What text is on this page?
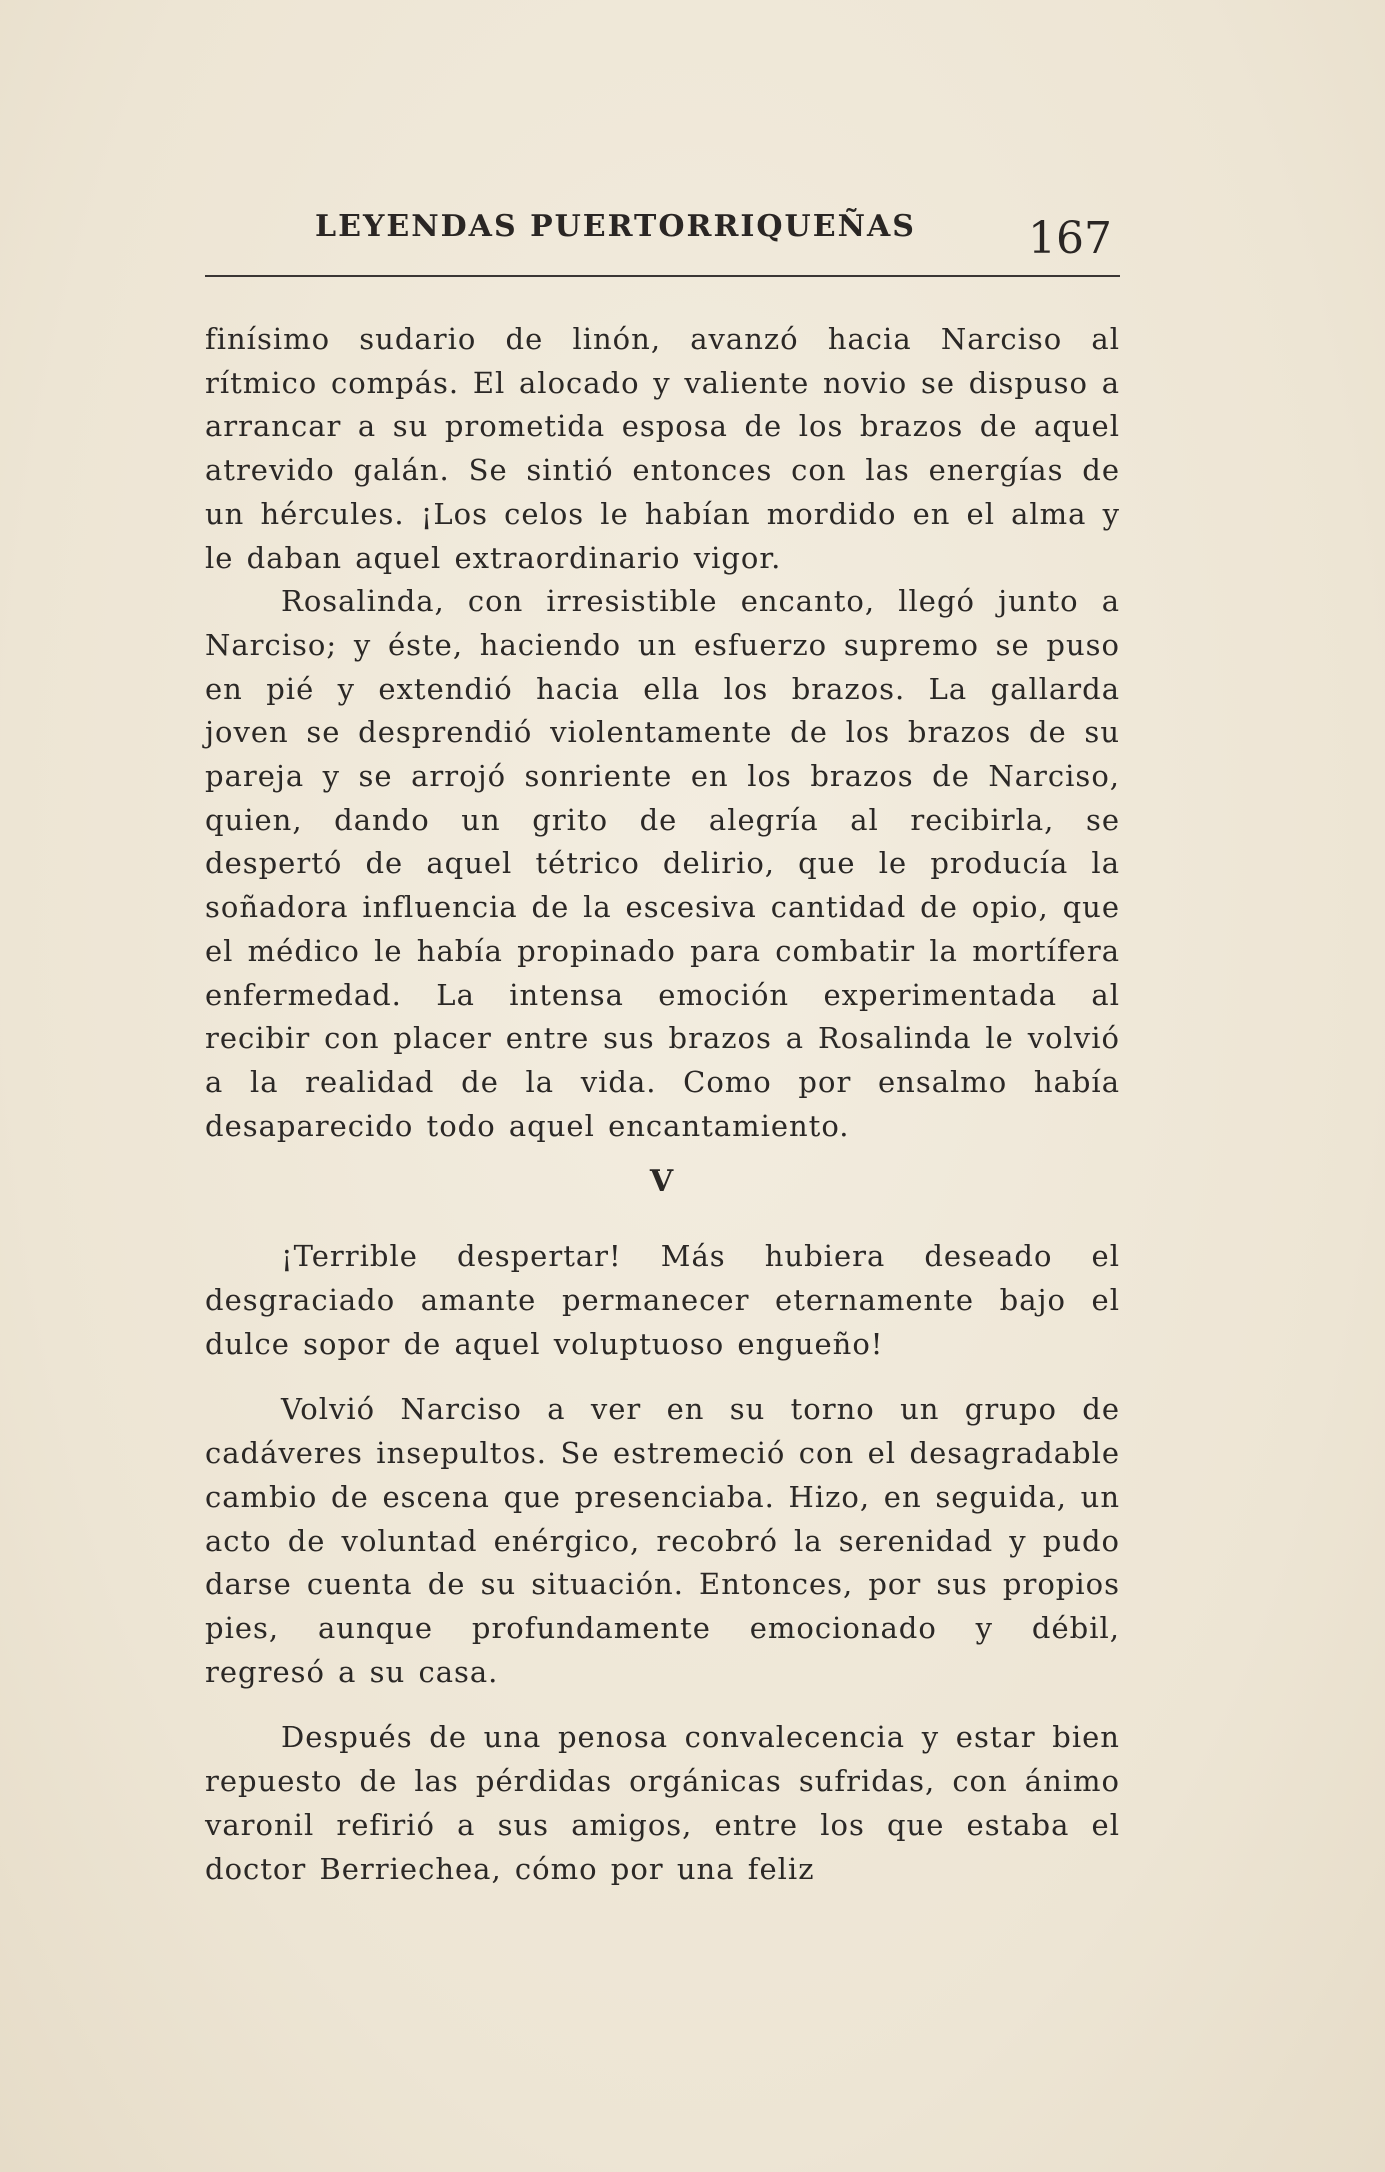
LEYENDAS PUERTORRIQUEÑAS	167

finísimo sudario de linón, avanzó hacia Narciso al rítmico compás. El alocado y valiente novio se dispuso a arrancar a su prometida esposa de los brazos de aquel atrevido galán. Se sintió entonces con las energías de un hércules. ¡Los celos le habían mordido en el alma y le daban aquel extraordinario vigor.

Rosalinda, con irresistible encanto, llegó junto a Narciso; y éste, haciendo un esfuerzo supremo se puso en pié y extendió hacia ella los brazos. La gallarda joven se desprendió violentamente de los brazos de su pareja y se arrojó sonriente en los brazos de Narciso, quien, dando un grito de alegría al recibirla, se despertó de aquel tétrico delirio, que le producía la soñadora influencia de la escesiva cantidad de opio, que el médico le había propinado para combatir la mortífera enfermedad. La intensa emoción experimentada al recibir con placer entre sus brazos a Rosalinda le volvió a la realidad de la vida. Como por ensalmo había desaparecido todo aquel encantamiento.

V

¡Terrible despertar! Más hubiera deseado el desgraciado amante permanecer eternamente bajo el dulce sopor de aquel voluptuoso engueño!

Volvió Narciso a ver en su torno un grupo de cadáveres insepultos. Se estremeció con el desagradable cambio de escena que presenciaba. Hizo, en seguida, un acto de voluntad enérgico, recobró la serenidad y pudo darse cuenta de su situación. Entonces, por sus propios pies, aunque profundamente emocionado y débil, regresó a su casa.

Después de una penosa convalecencia y estar bien repuesto de las pérdidas orgánicas sufridas, con ánimo varonil refirió a sus amigos, entre los que estaba el doctor Berriechea, cómo por una feliz
